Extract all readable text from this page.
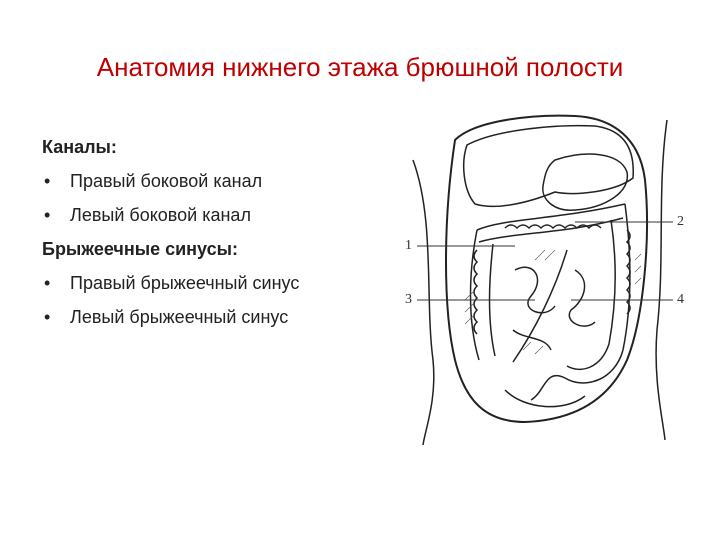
Анатомия нижнего этажа брюшной полости

Каналы:

• Правый боковой канал

• Левый боковой канал

Брыжеечные синусы:

• Правый брыжеечный синус

• Левый брыжеечный синус

1
2
3	4
